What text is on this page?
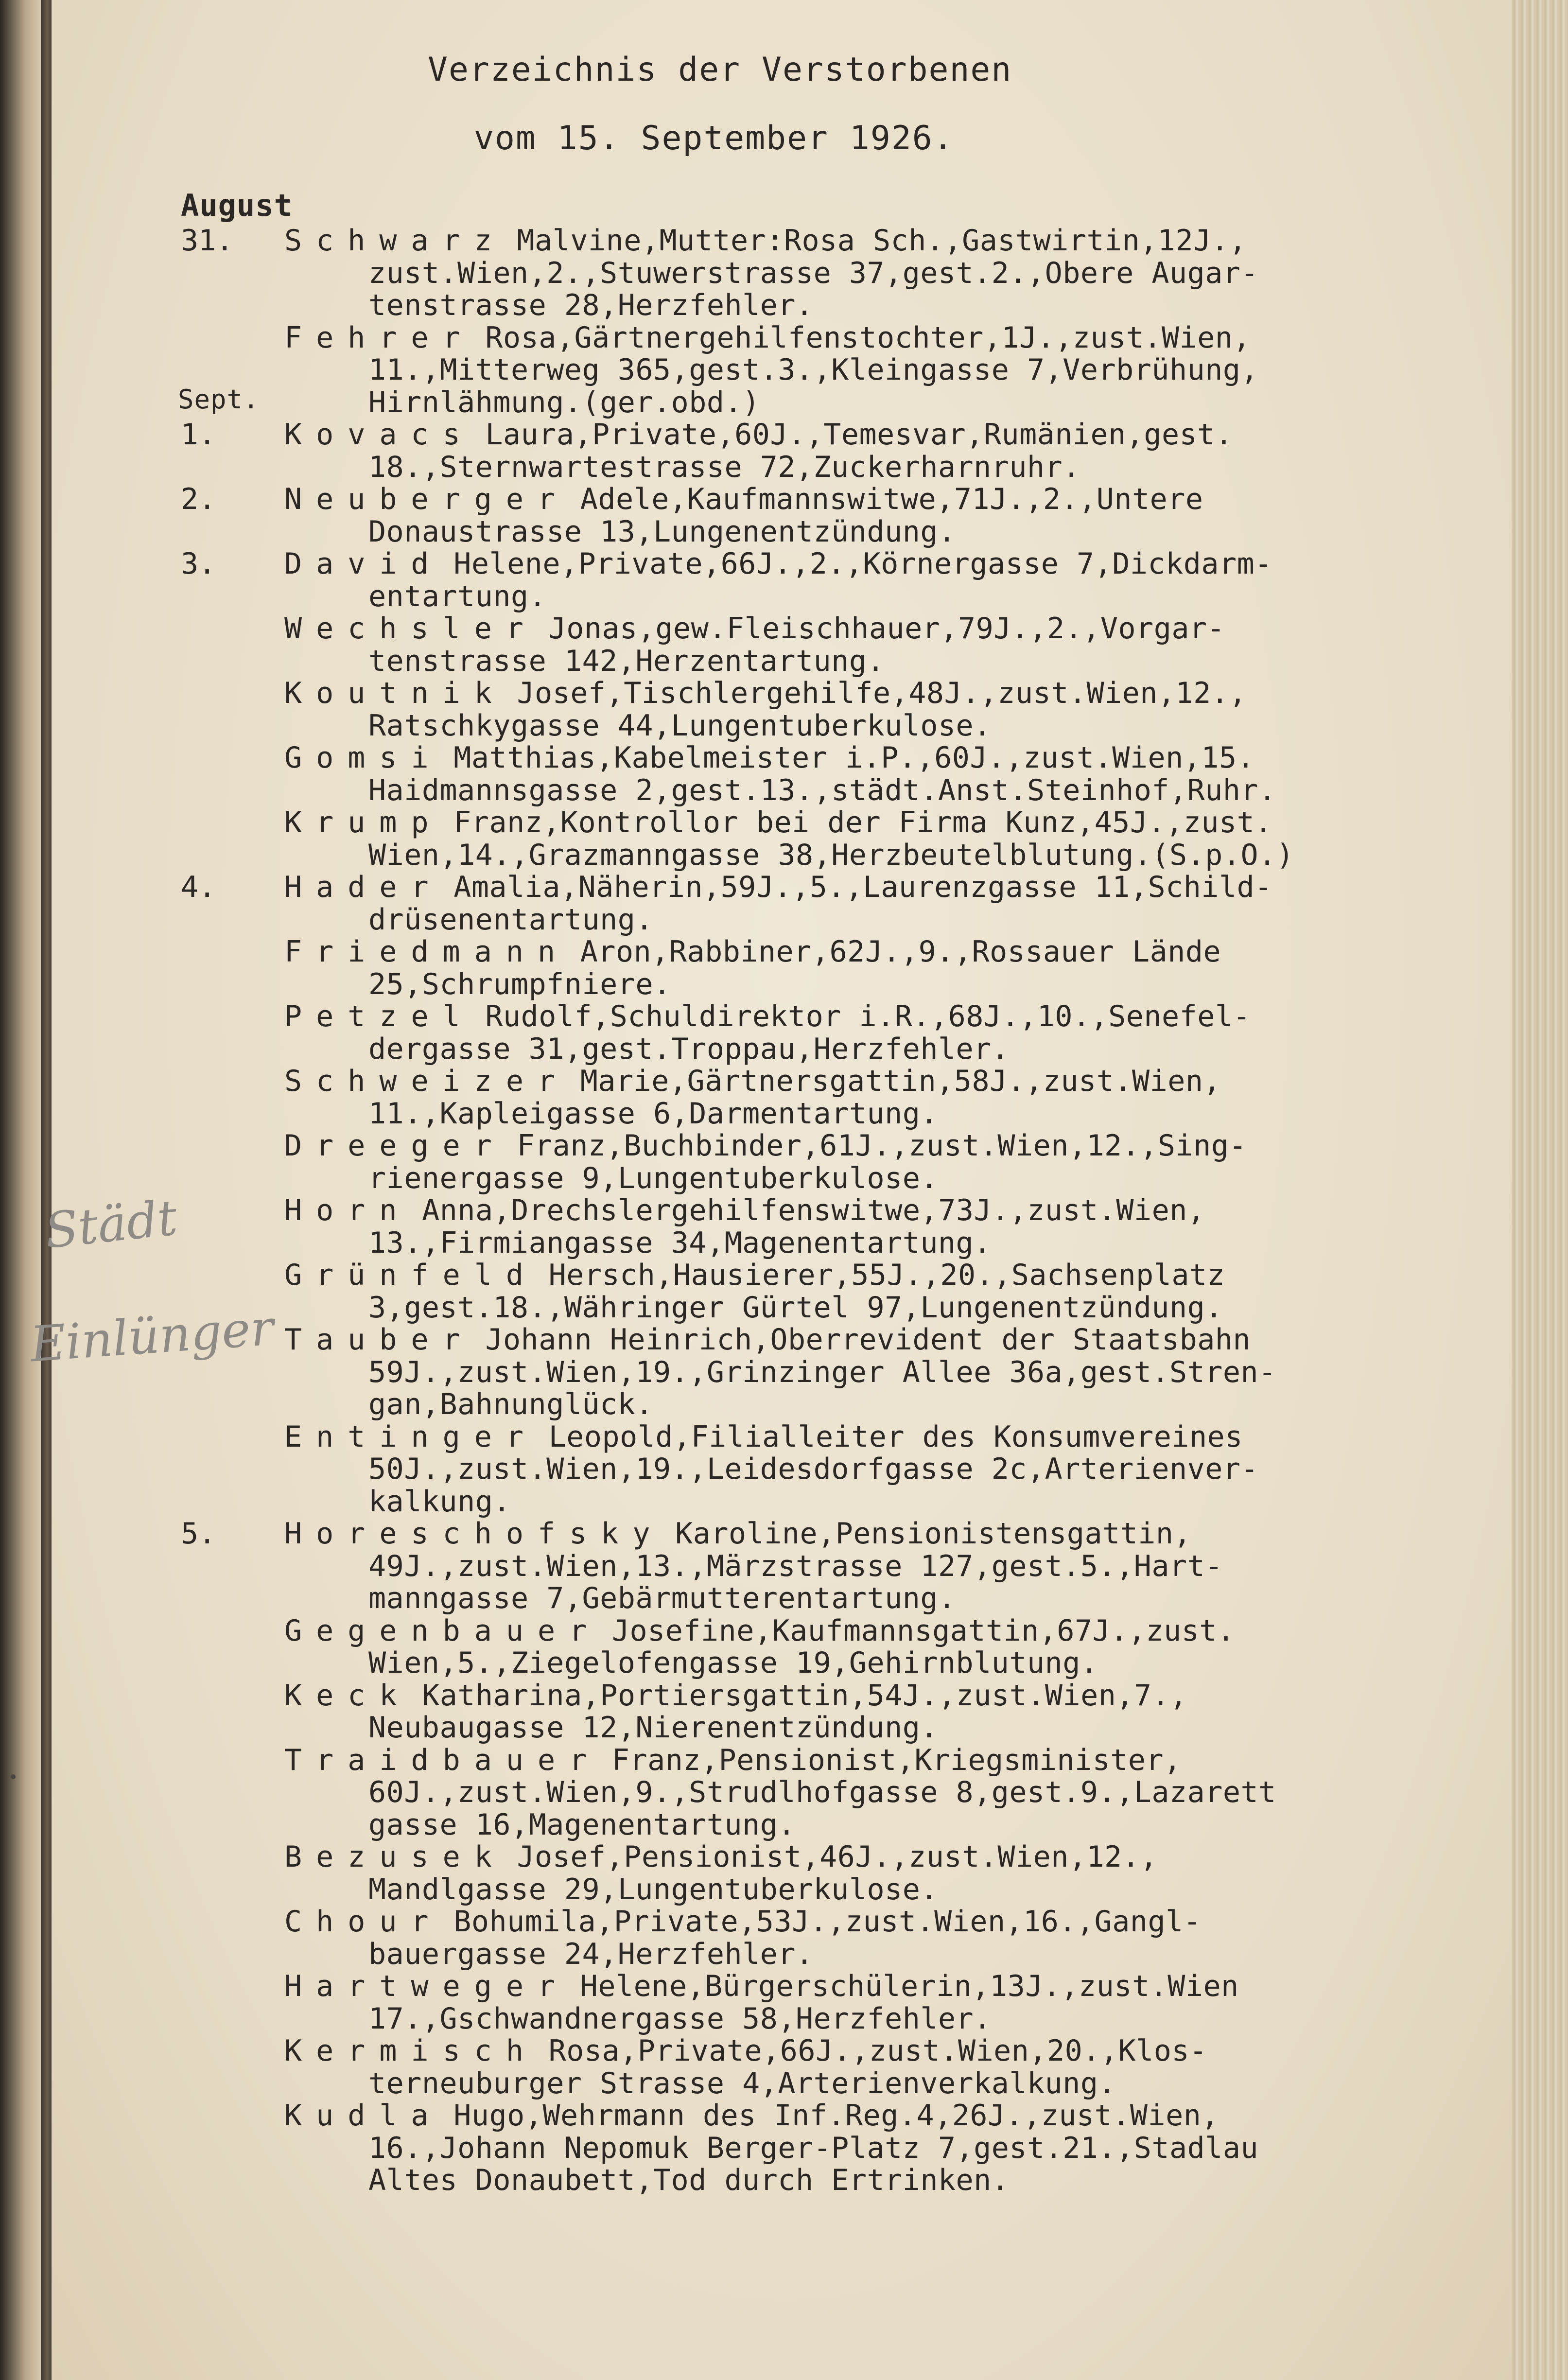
Verzeichnis der Verstorbenen
vom 15. September 1926.
August
Sept.
Städt
Einlünger
31. Schwarz Malvine,Mutter:Rosa Sch.,Gastwirtin,12J.,
zust.Wien,2.,Stuwerstrasse 37,gest.2.,Obere Augar-
tenstrasse 28,Herzfehler.
Fehrer Rosa,Gärtnergehilfenstochter,1J.,zust.Wien,
11.,Mitterweg 365,gest.3.,Kleingasse 7,Verbrühung,
Hirnlähmung.(ger.obd.)
1. Kovacs Laura,Private,60J.,Temesvar,Rumänien,gest.
18.,Sternwartestrasse 72,Zuckerharnruhr.
2. Neuberger Adele,Kaufmannswitwe,71J.,2.,Untere
Donaustrasse 13,Lungenentzündung.
3. David Helene,Private,66J.,2.,Körnergasse 7,Dickdarm-
entartung.
Wechsler Jonas,gew.Fleischhauer,79J.,2.,Vorgar-
tenstrasse 142,Herzentartung.
Koutnik Josef,Tischlergehilfe,48J.,zust.Wien,12.,
Ratschkygasse 44,Lungentuberkulose.
Gomsi Matthias,Kabelmeister i.P.,60J.,zust.Wien,15.
Haidmannsgasse 2,gest.13.,städt.Anst.Steinhof,Ruhr.
Krump Franz,Kontrollor bei der Firma Kunz,45J.,zust.
Wien,14.,Grazmanngasse 38,Herzbeutelblutung.(S.p.O.)
4. Hader Amalia,Näherin,59J.,5.,Laurenzgasse 11,Schild-
drüsenentartung.
Friedmann Aron,Rabbiner,62J.,9.,Rossauer Lände
25,Schrumpfniere.
Petzel Rudolf,Schuldirektor i.R.,68J.,10.,Senefel-
dergasse 31,gest.Troppau,Herzfehler.
Schweizer Marie,Gärtnersgattin,58J.,zust.Wien,
11.,Kapleigasse 6,Darmentartung.
Dreeger Franz,Buchbinder,61J.,zust.Wien,12.,Sing-
rienergasse 9,Lungentuberkulose.
Horn Anna,Drechslergehilfenswitwe,73J.,zust.Wien,
13.,Firmiangasse 34,Magenentartung.
Grünfeld Hersch,Hausierer,55J.,20.,Sachsenplatz
3,gest.18.,Währinger Gürtel 97,Lungenentzündung.
Tauber Johann Heinrich,Oberrevident der Staatsbahn
59J.,zust.Wien,19.,Grinzinger Allee 36a,gest.Stren-
gan,Bahnunglück.
Entinger Leopold,Filialleiter des Konsumvereines
50J.,zust.Wien,19.,Leidesdorfgasse 2c,Arterienver-
kalkung.
5. Horeschofsky Karoline,Pensionistensgattin,
49J.,zust.Wien,13.,Märzstrasse 127,gest.5.,Hart-
manngasse 7,Gebärmutterentartung.
Gegenbauer Josefine,Kaufmannsgattin,67J.,zust.
Wien,5.,Ziegelofengasse 19,Gehirnblutung.
Keck Katharina,Portiersgattin,54J.,zust.Wien,7.,
Neubaugasse 12,Nierenentzündung.
Traidbauer Franz,Pensionist,Kriegsminister,
60J.,zust.Wien,9.,Strudlhofgasse 8,gest.9.,Lazarett
gasse 16,Magenentartung.
Bezusek Josef,Pensionist,46J.,zust.Wien,12.,
Mandlgasse 29,Lungentuberkulose.
Chour Bohumila,Private,53J.,zust.Wien,16.,Gangl-
bauergasse 24,Herzfehler.
Hartweger Helene,Bürgerschülerin,13J.,zust.Wien
17.,Gschwandnergasse 58,Herzfehler.
Kermisch Rosa,Private,66J.,zust.Wien,20.,Klos-
terneuburger Strasse 4,Arterienverkalkung.
Kudla Hugo,Wehrmann des Inf.Reg.4,26J.,zust.Wien,
16.,Johann Nepomuk Berger-Platz 7,gest.21.,Stadlau
Altes Donaubett,Tod durch Ertrinken.
